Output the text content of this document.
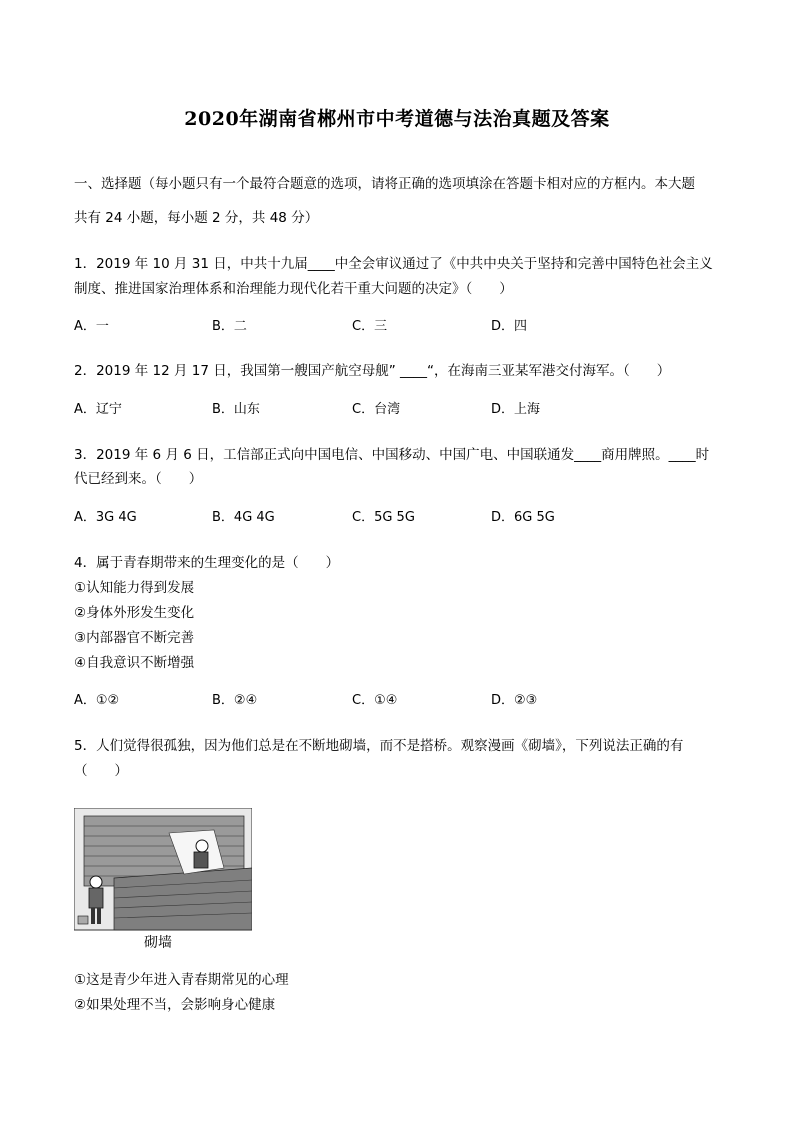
2020年湖南省郴州市中考道德与法治真题及答案
一、选择题（每小题只有一个最符合题意的选项，请将正确的选项填涂在答题卡相对应的方框内。本大题
共有 24 小题，每小题 2 分，共 48 分）
1．2019 年 10 月 31 日，中共十九届____中全会审议通过了《中共中央关于坚持和完善中国特色社会主义
制度、推进国家治理体系和治理能力现代化若干重大问题的决定》（　　）
A．一	B．二	C．三	D．四
2．2019 年 12 月 17 日，我国第一艘国产航空母舰” ____“，在海南三亚某军港交付海军。（　　）
A．辽宁	B．山东	C．台湾	D．上海
3．2019 年 6 月 6 日，工信部正式向中国电信、中国移动、中国广电、中国联通发____商用牌照。____时
代已经到来。（　　）
A．3G 4G	B．4G 4G	C．5G 5G	D．6G 5G
4．属于青春期带来的生理变化的是（　　）
①认知能力得到发展
②身体外形发生变化
③内部器官不断完善
④自我意识不断增强
A．①②	B．②④	C．①④	D．②③
5．人们觉得很孤独，因为他们总是在不断地砌墙，而不是搭桥。观察漫画《砌墙》，下列说法正确的有
（　　）
砌墙
①这是青少年进入青春期常见的心理
②如果处理不当，会影响身心健康
